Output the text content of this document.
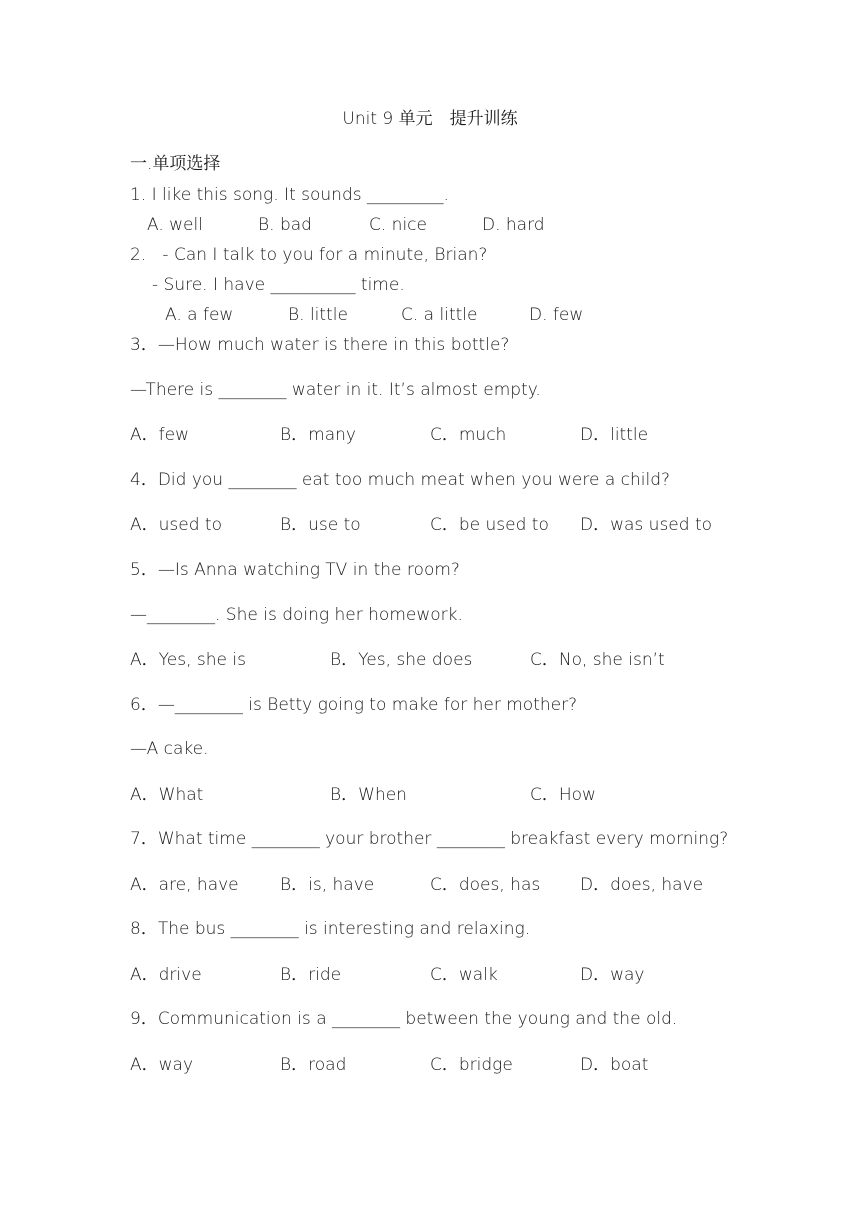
Unit 9 单元　提升训练
一.单项选择
1. I like this song. It sounds _________.
A. well	B. bad	C. nice	D. hard
2.   - Can I talk to you for a minute, Brian?
- Sure. I have __________ time.
A. a few	B. little	C. a little	D. few
3．—How much water is there in this bottle?
—There is ________ water in it. It’s almost empty.
A．few	B．many	C．much	D．little
4．Did you ________ eat too much meat when you were a child?
A．used to	B．use to	C．be used to D．was used to
5．—Is Anna watching TV in the room?
—________. She is doing her homework.
A．Yes, she is	B．Yes, she does	C．No, she isn’t
6．—________ is Betty going to make for her mother?
—A cake.
A．What	B．When	C．How
7．What time ________ your brother ________ breakfast every morning?
A．are, have B．is, have	C．does, has D．does, have
8．The bus ________ is interesting and relaxing.
A．drive	B．ride	C．walk	D．way
9．Communication is a ________ between the young and the old.
A．way	B．road	C．bridge	D．boat
